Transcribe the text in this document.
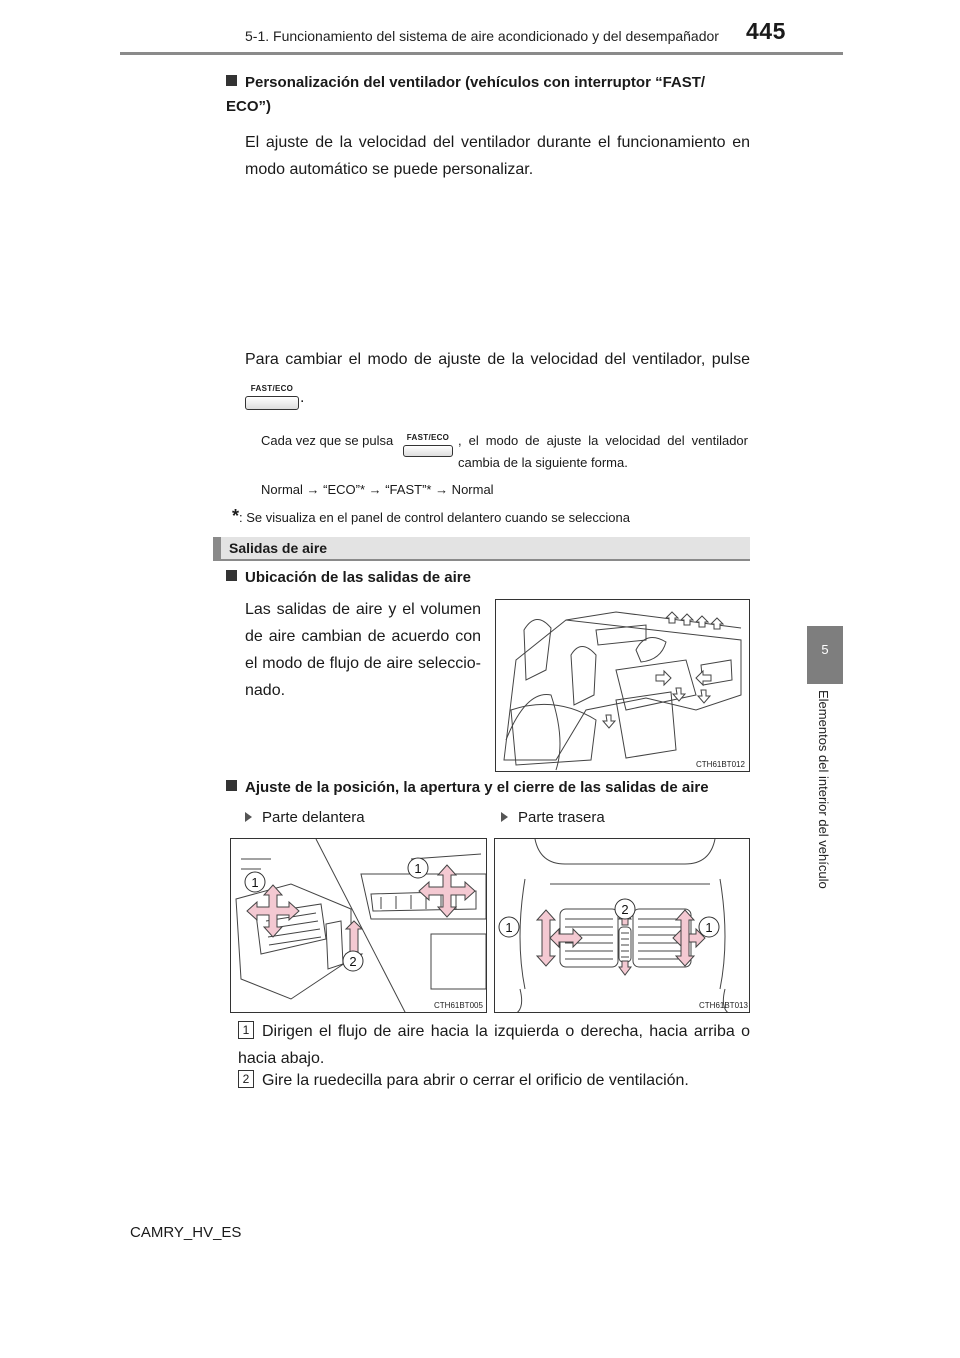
5-1. Funcionamiento del sistema de aire acondicionado y del desempañador 445
5
Elementos del interior del vehículo
Personalización del ventilador (vehículos con interruptor “FAST/ ECO”)
El ajuste de la velocidad del ventilador durante el funcionamiento en modo automático se puede personalizar.
Para cambiar el modo de ajuste de la velocidad del ventilador, pulse
FAST/ECO
.
Cada vez que se pulsa	FAST/ECO , el modo de ajuste la velocidad del ventilador cambia de la siguiente forma.
Normal → “ECO”* → “FAST”* → Normal
*: Se visualiza en el panel de control delantero cuando se selecciona
Salidas de aire
Ubicación de las salidas de aire
Las salidas de aire y el volumen de aire cambian de acuerdo con el modo de flujo de aire seleccio-nado.
CTH61BT012
Ajuste de la posición, la apertura y el cierre de las salidas de aire
Parte delantera	Parte trasera
1
1
2
CTH61BT005
1
2
1
CTH61BT013
1 Dirigen el flujo de aire hacia la izquierda o derecha, hacia arriba o hacia abajo.
2 Gire la ruedecilla para abrir o cerrar el orificio de ventilación.
CAMRY_HV_ES
